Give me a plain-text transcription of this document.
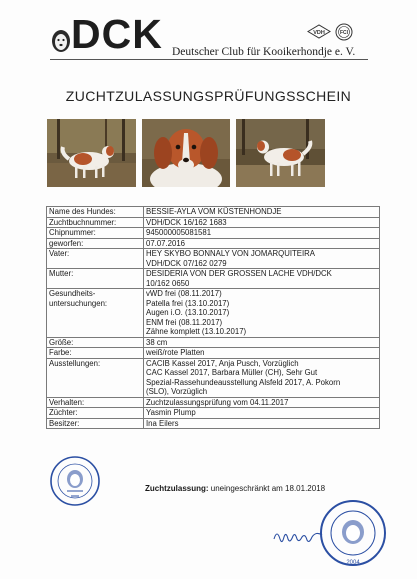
DCK Deutscher Club für Kooikerhondje e. V.
VDH	FCI
ZUCHTZULASSUNGSPRÜFUNGSSCHEIN
Name des Hundes:	BESSIE-AYLA VOM KÜSTENHONDJE

Zuchtbuchnummer:	VDH/DCK 16/162 1683

Chipnummer:	945000005081581

geworfen:	07.07.2016

Vater:	HEY SKYBO BONNALY VON JOMARQUITEIRA
VDH/DCK 07/162 0279

Mutter:	DESIDERIA VON DER GROSSEN LACHE VDH/DCK
10/162 0650

Gesundheits-
untersuchungen:	vWD frei (08.11.2017)
Patella frei (13.10.2017)
Augen i.O. (13.10.2017)
ENM frei (08.11.2017)
Zähne komplett (13.10.2017)

Größe:	38 cm

Farbe:	weiß/rote Platten

Ausstellungen:	CACIB Kassel 2017, Anja Pusch, Vorzüglich
CAC Kassel 2017, Barbara Müller (CH), Sehr Gut
Spezial-Rassehundeausstellung Alsfeld 2017, A. Pokorn
(SLO), Vorzüglich

Verhalten:	Zuchtzulassungsprüfung vom 04.11.2017

Züchter:	Yasmin Plump

Besitzer:	Ina Eilers
Zuchtzulassung: uneingeschränkt am 18.01.2018
2004
